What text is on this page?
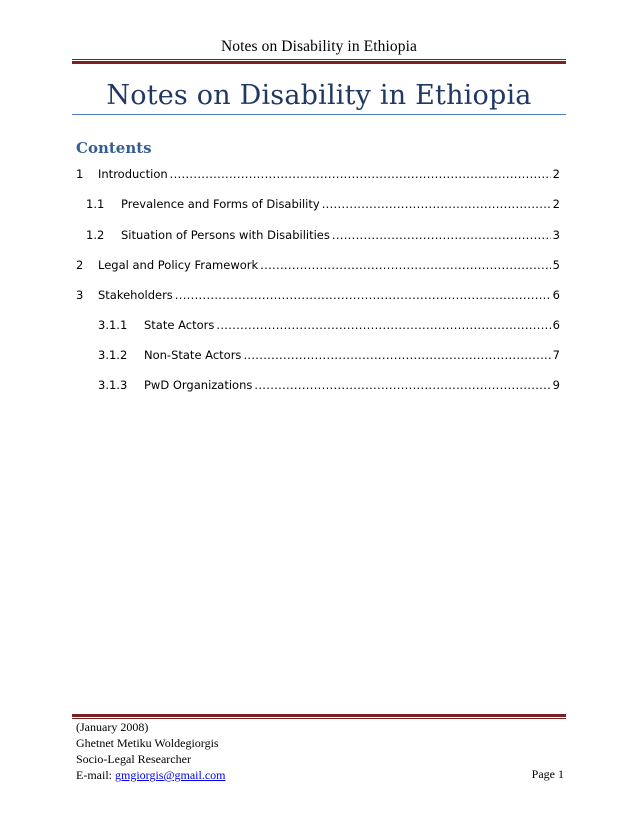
Notes on Disability in Ethiopia
Notes on Disability in Ethiopia
Contents
1	Introduction .....	2
1.1	Prevalence and Forms of Disability .....	2
1.2	Situation of Persons with Disabilities .....	3
2	Legal and Policy Framework .....	5
3	Stakeholders .....	6
3.1.1	State Actors .....	6
3.1.2	Non-State Actors .....	7
3.1.3	PwD Organizations .....	9
(January 2008)
Ghetnet Metiku Woldegiorgis
Socio-Legal Researcher
E-mail: gmgiorgis@gmail.com	Page 1
